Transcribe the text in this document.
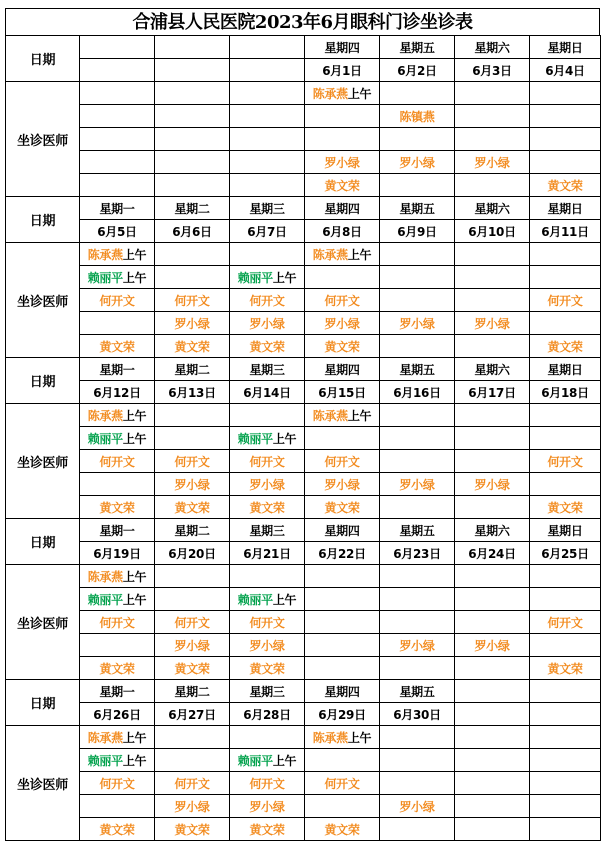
合浦县人民医院2023年6月眼科门诊坐诊表
日期				星期四	星期五	星期六	星期日
				6月1日	6月2日	6月3日	6月4日
坐诊医师				陈承燕上午			
					陈镇燕		

				罗小绿	罗小绿	罗小绿	
				黄文荣			黄文荣
日期	星期一	星期二	星期三	星期四	星期五	星期六	星期日
	6月5日	6月6日	6月7日	6月8日	6月9日	6月10日	6月11日
坐诊医师	陈承燕上午			陈承燕上午			
	赖丽平上午		赖丽平上午				
	何开文	何开文	何开文	何开文			何开文
		罗小绿	罗小绿	罗小绿	罗小绿	罗小绿	
	黄文荣	黄文荣	黄文荣	黄文荣			黄文荣
日期	星期一	星期二	星期三	星期四	星期五	星期六	星期日
	6月12日	6月13日	6月14日	6月15日	6月16日	6月17日	6月18日
坐诊医师	陈承燕上午			陈承燕上午			
	赖丽平上午		赖丽平上午				
	何开文	何开文	何开文	何开文			何开文
		罗小绿	罗小绿	罗小绿	罗小绿	罗小绿	
	黄文荣	黄文荣	黄文荣	黄文荣			黄文荣
日期	星期一	星期二	星期三	星期四	星期五	星期六	星期日
	6月19日	6月20日	6月21日	6月22日	6月23日	6月24日	6月25日
坐诊医师	陈承燕上午						
	赖丽平上午		赖丽平上午				
	何开文	何开文	何开文				何开文
		罗小绿	罗小绿		罗小绿	罗小绿	
	黄文荣	黄文荣	黄文荣				黄文荣
日期	星期一	星期二	星期三	星期四	星期五		
	6月26日	6月27日	6月28日	6月29日	6月30日		
坐诊医师	陈承燕上午			陈承燕上午			
	赖丽平上午		赖丽平上午				
	何开文	何开文	何开文	何开文			
		罗小绿	罗小绿		罗小绿		
	黄文荣	黄文荣	黄文荣	黄文荣			
